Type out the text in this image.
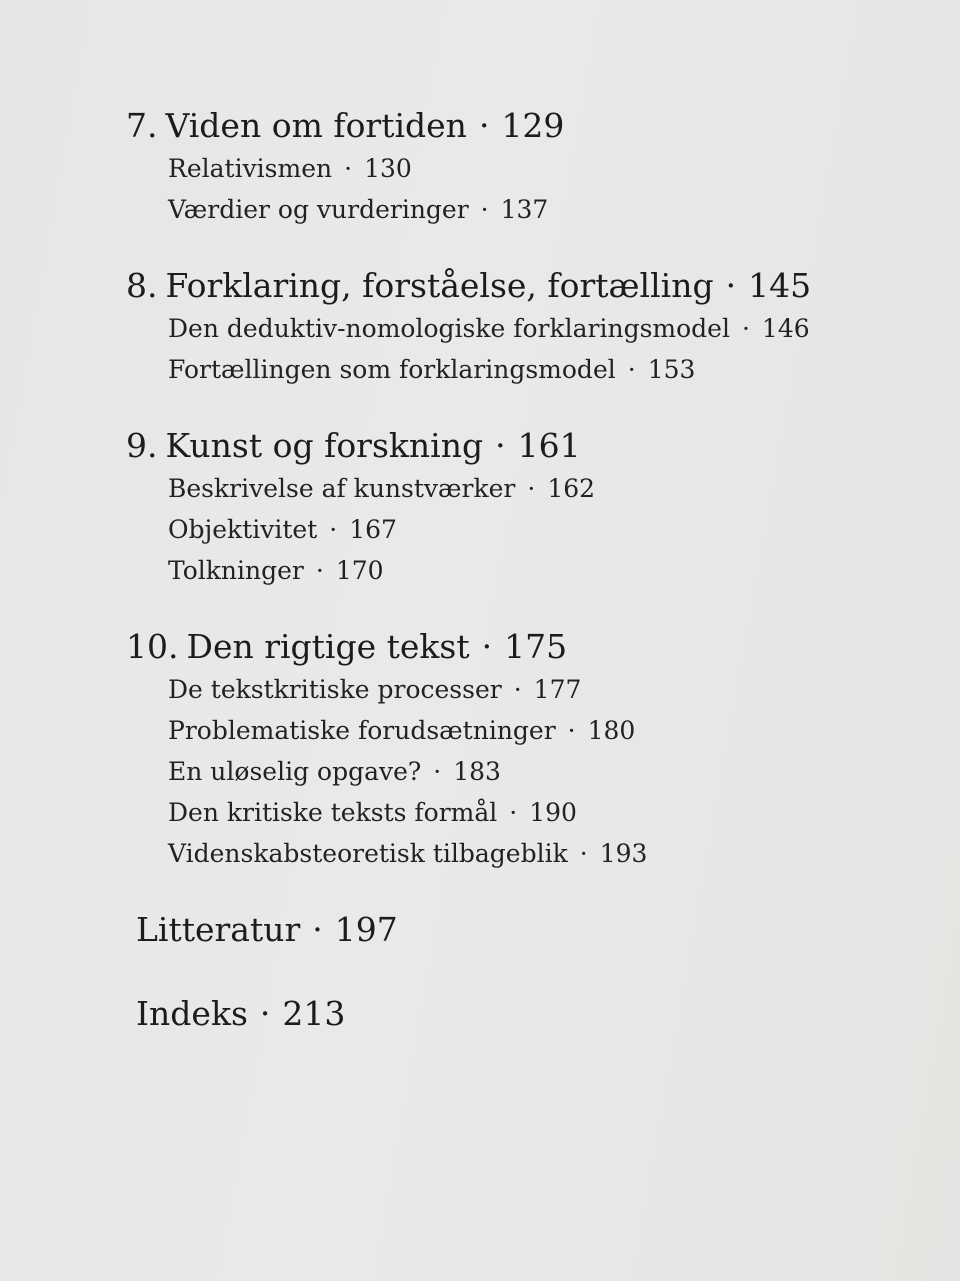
7. Viden om fortiden · 129
Relativismen · 130
Værdier og vurderinger · 137
8. Forklaring, forståelse, fortælling · 145
Den deduktiv-nomologiske forklaringsmodel · 146
Fortællingen som forklaringsmodel · 153
9. Kunst og forskning · 161
Beskrivelse af kunstværker · 162
Objektivitet · 167
Tolkninger · 170
10. Den rigtige tekst · 175
De tekstkritiske processer · 177
Problematiske forudsætninger · 180
En uløselig opgave? · 183
Den kritiske teksts formål · 190
Videnskabsteoretisk tilbageblik · 193
Litteratur · 197
Indeks · 213
